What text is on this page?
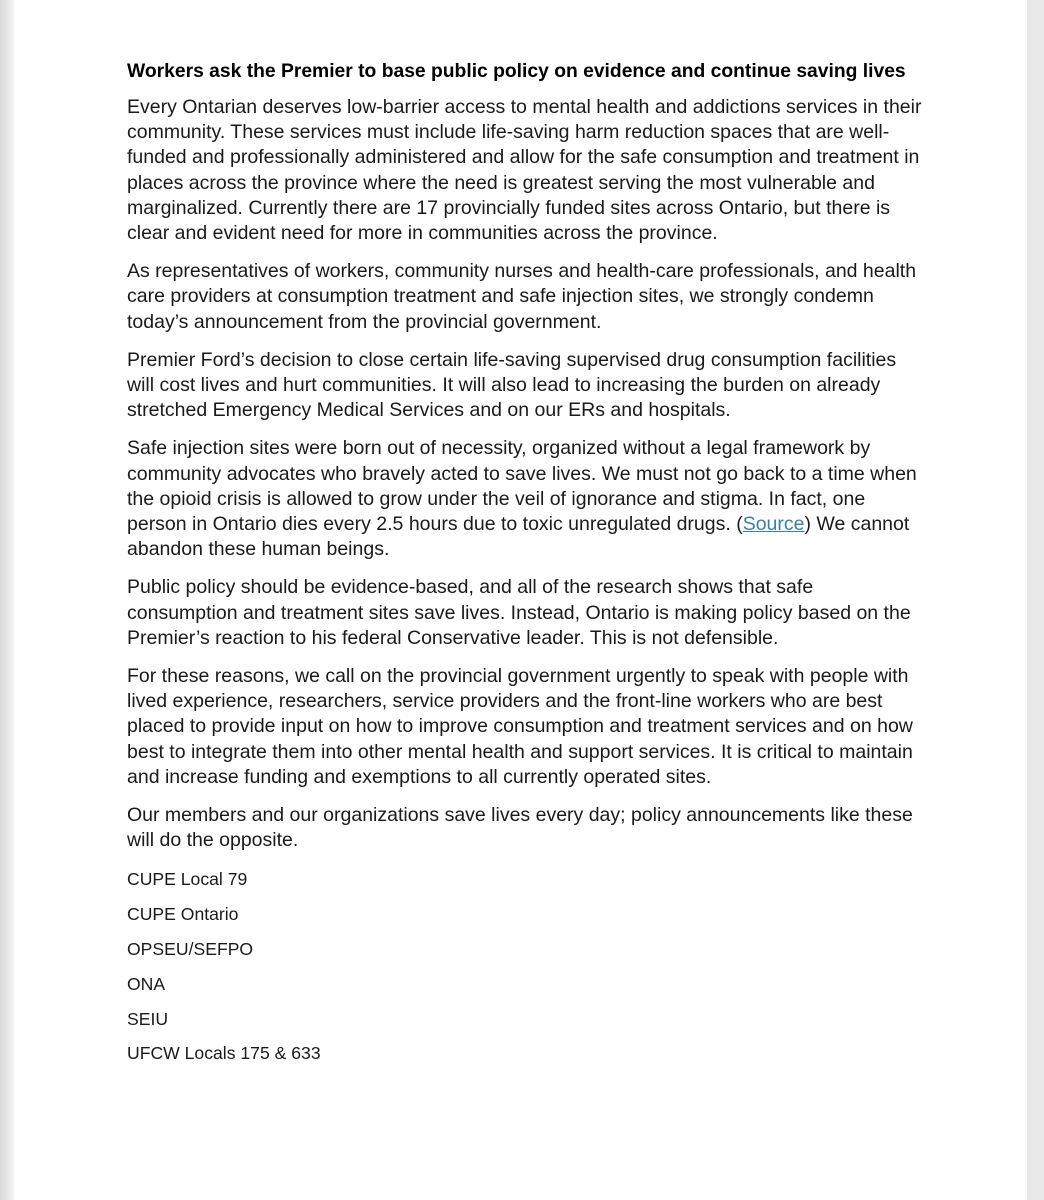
Workers ask the Premier to base public policy on evidence and continue saving lives

Every Ontarian deserves low-barrier access to mental health and addictions services in their community. These services must include life-saving harm reduction spaces that are well-funded and professionally administered and allow for the safe consumption and treatment in places across the province where the need is greatest serving the most vulnerable and marginalized. Currently there are 17 provincially funded sites across Ontario, but there is clear and evident need for more in communities across the province.

As representatives of workers, community nurses and health-care professionals, and health care providers at consumption treatment and safe injection sites, we strongly condemn today’s announcement from the provincial government.

Premier Ford’s decision to close certain life-saving supervised drug consumption facilities will cost lives and hurt communities. It will also lead to increasing the burden on already stretched Emergency Medical Services and on our ERs and hospitals.

Safe injection sites were born out of necessity, organized without a legal framework by community advocates who bravely acted to save lives. We must not go back to a time when the opioid crisis is allowed to grow under the veil of ignorance and stigma. In fact, one person in Ontario dies every 2.5 hours due to toxic unregulated drugs. (Source) We cannot abandon these human beings.

Public policy should be evidence-based, and all of the research shows that safe consumption and treatment sites save lives. Instead, Ontario is making policy based on the Premier’s reaction to his federal Conservative leader. This is not defensible.

For these reasons, we call on the provincial government urgently to speak with people with lived experience, researchers, service providers and the front-line workers who are best placed to provide input on how to improve consumption and treatment services and on how best to integrate them into other mental health and support services. It is critical to maintain and increase funding and exemptions to all currently operated sites.

Our members and our organizations save lives every day; policy announcements like these will do the opposite.

CUPE Local 79

CUPE Ontario

OPSEU/SEFPO

ONA

SEIU

UFCW Locals 175 & 633
